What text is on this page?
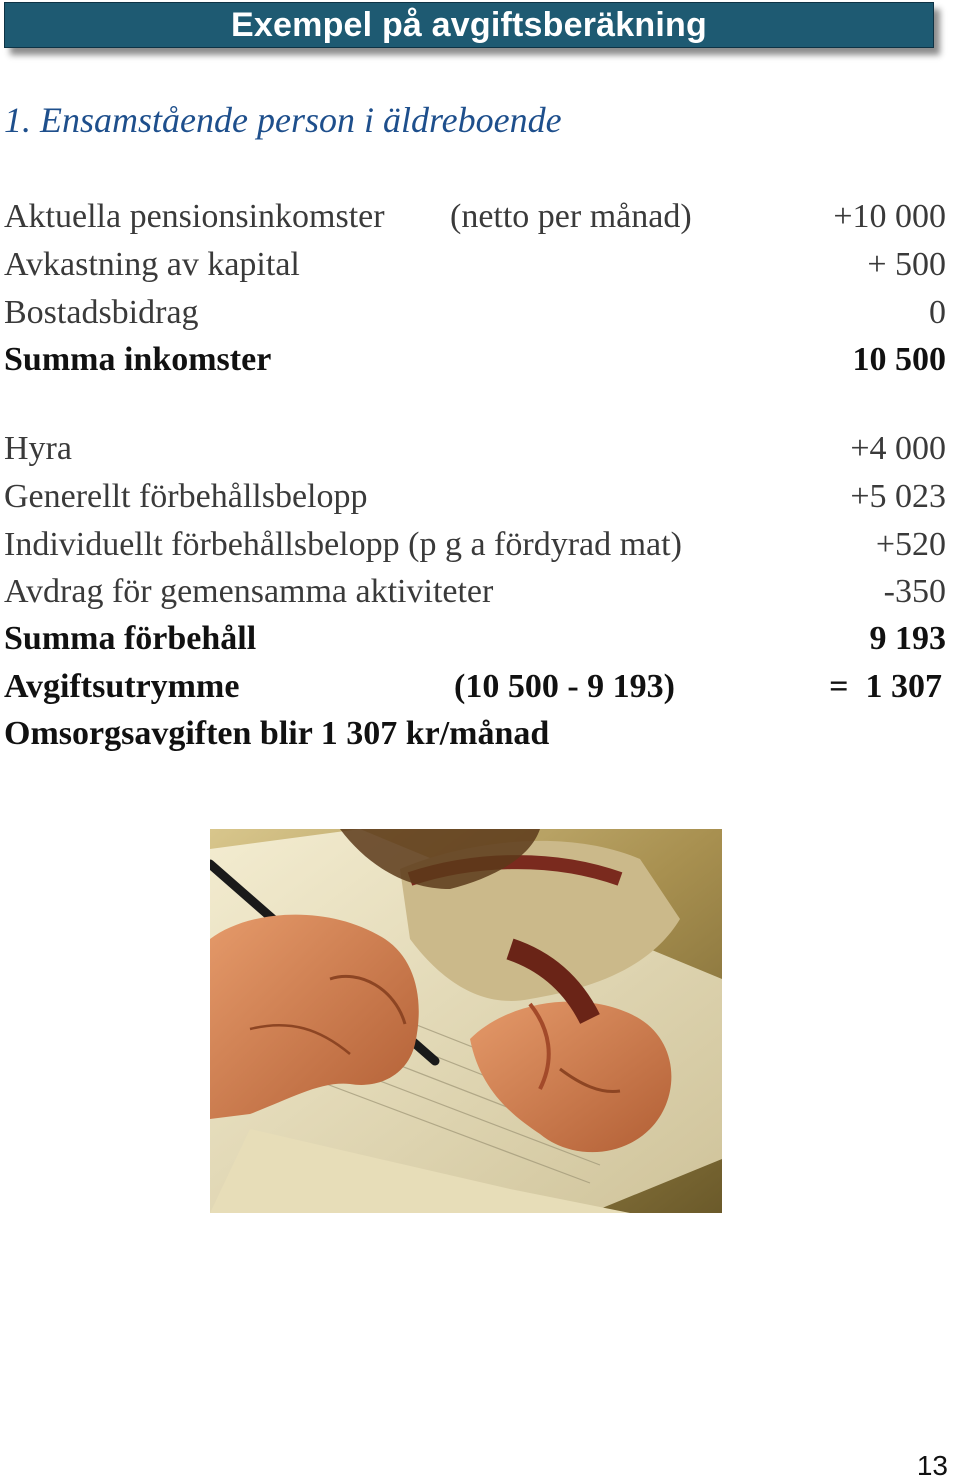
Exempel på avgiftsberäkning
1. Ensamstående person i äldreboende
Aktuella pensionsinkomster (netto per månad)	+10 000
Avkastning av kapital	+ 500
Bostadsbidrag	0
Summa inkomster	10 500
Hyra	+4 000
Generellt förbehållsbelopp	+5 023
Individuellt förbehållsbelopp (p g a fördyrad mat)	+520
Avdrag för gemensamma aktiviteter	-350
Summa förbehåll	9 193
Avgiftsutrymme	(10 500 - 9 193)	=  1 307
Omsorgsavgiften blir 1 307 kr/månad
13
